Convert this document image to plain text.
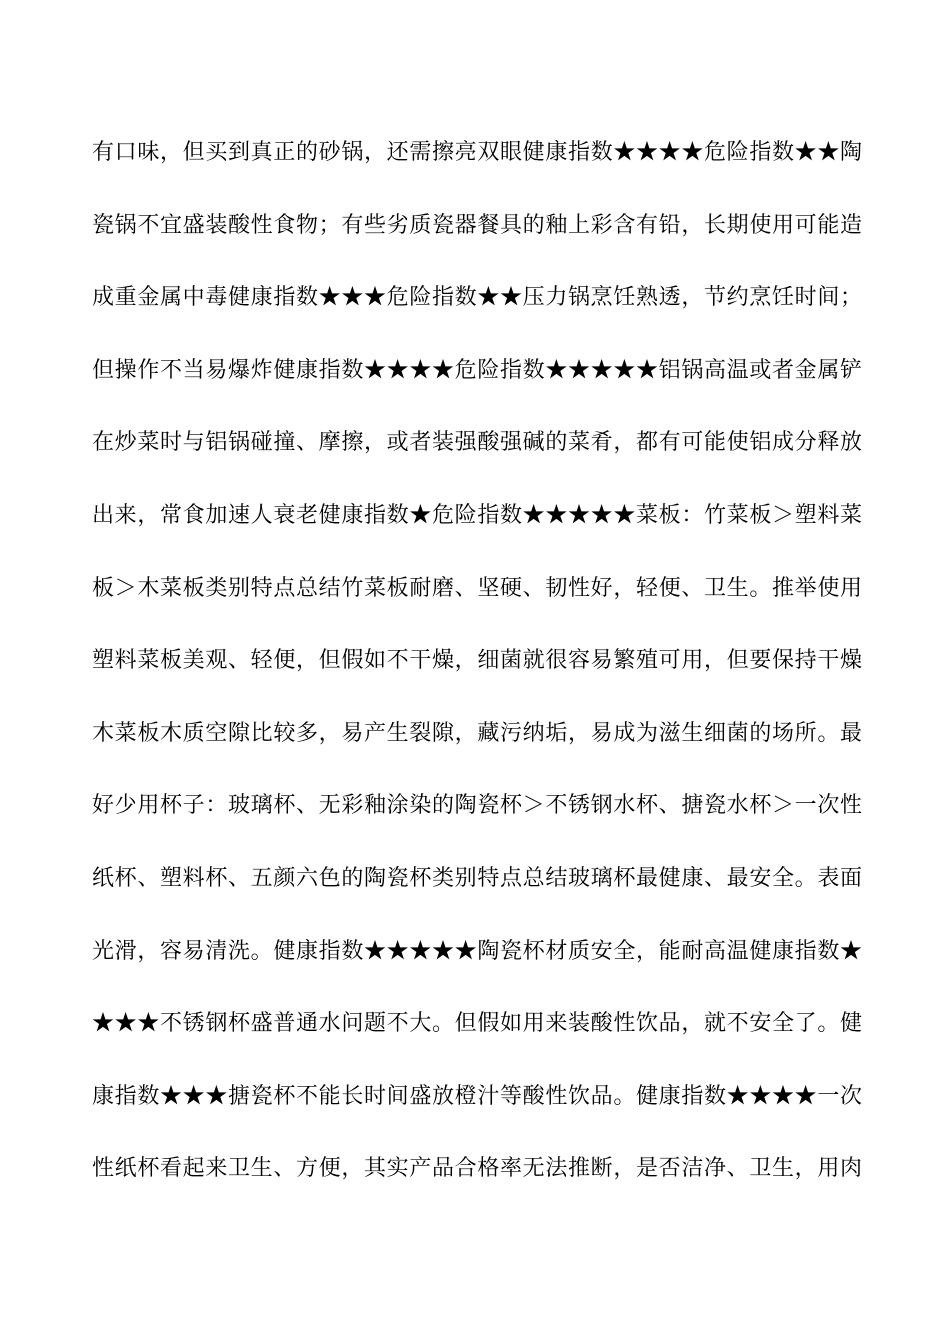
有口味，但买到真正的砂锅，还需擦亮双眼健康指数★★★★危险指数★★陶
瓷锅不宜盛装酸性食物；有些劣质瓷器餐具的釉上彩含有铅，长期使用可能造
成重金属中毒健康指数★★★危险指数★★压力锅烹饪熟透，节约烹饪时间；
但操作不当易爆炸健康指数★★★★危险指数★★★★★铝锅高温或者金属铲
在炒菜时与铝锅碰撞、摩擦，或者装强酸强碱的菜肴，都有可能使铝成分释放
出来，常食加速人衰老健康指数★危险指数★★★★★菜板：竹菜板＞塑料菜
板＞木菜板类别特点总结竹菜板耐磨、坚硬、韧性好，轻便、卫生。推举使用
塑料菜板美观、轻便，但假如不干燥，细菌就很容易繁殖可用，但要保持干燥
木菜板木质空隙比较多，易产生裂隙，藏污纳垢，易成为滋生细菌的场所。最
好少用杯子：玻璃杯、无彩釉涂染的陶瓷杯＞不锈钢水杯、搪瓷水杯＞一次性
纸杯、塑料杯、五颜六色的陶瓷杯类别特点总结玻璃杯最健康、最安全。表面
光滑，容易清洗。健康指数★★★★★陶瓷杯材质安全，能耐高温健康指数★
★★★不锈钢杯盛普通水问题不大。但假如用来装酸性饮品，就不安全了。健
康指数★★★搪瓷杯不能长时间盛放橙汁等酸性饮品。健康指数★★★★一次
性纸杯看起来卫生、方便，其实产品合格率无法推断，是否洁净、卫生，用肉
